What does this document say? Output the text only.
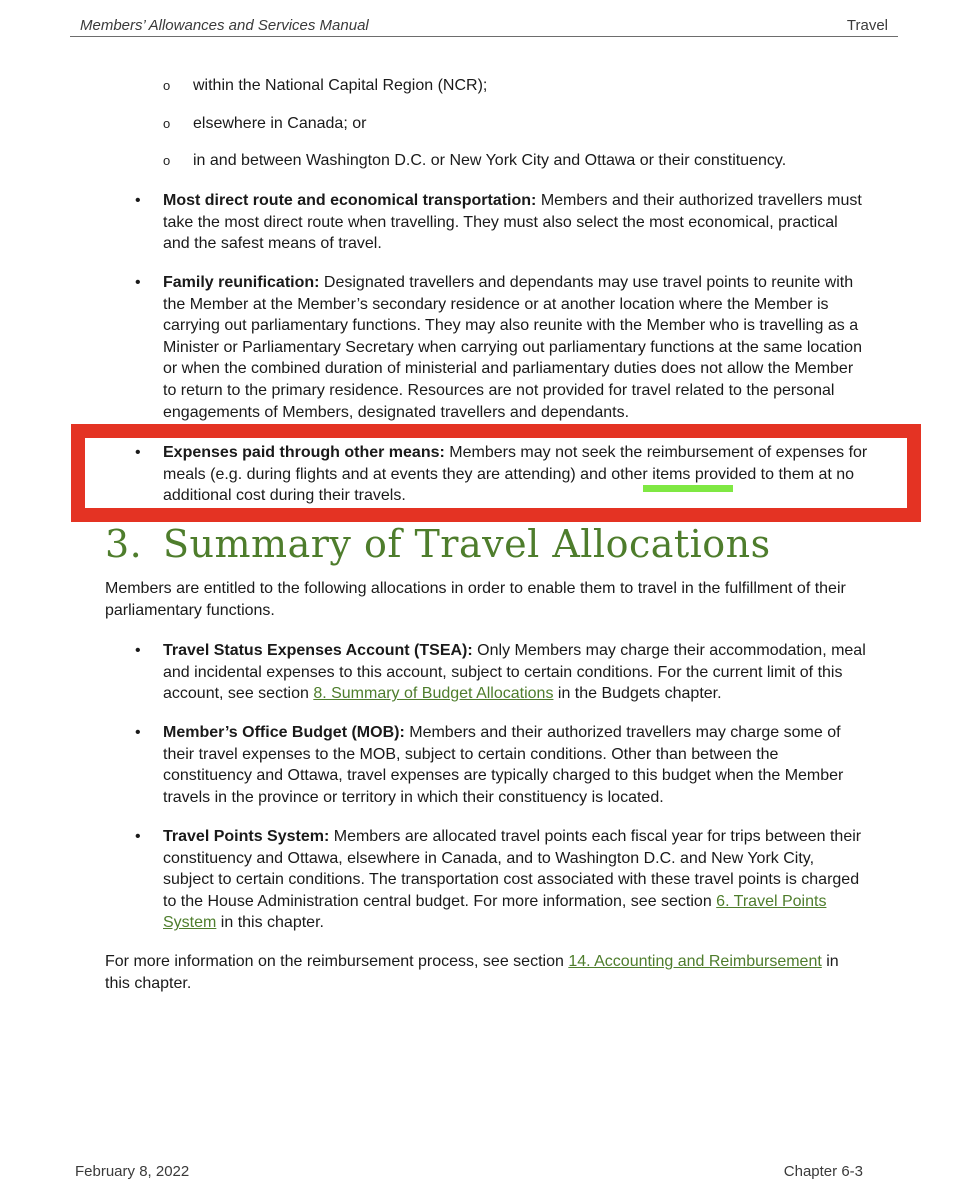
Members’ Allowances and Services Manual	Travel
o within the National Capital Region (NCR);
o elsewhere in Canada; or
o in and between Washington D.C. or New York City and Ottawa or their constituency.
• Most direct route and economical transportation: Members and their authorized travellers must take the most direct route when travelling. They must also select the most economical, practical and the safest means of travel.
• Family reunification: Designated travellers and dependants may use travel points to reunite with the Member at the Member’s secondary residence or at another location where the Member is carrying out parliamentary functions. They may also reunite with the Member who is travelling as a Minister or Parliamentary Secretary when carrying out parliamentary functions at the same location or when the combined duration of ministerial and parliamentary duties does not allow the Member to return to the primary residence. Resources are not provided for travel related to the personal engagements of Members, designated travellers and dependants.
• Expenses paid through other means: Members may not seek the reimbursement of expenses for meals (e.g. during flights and at events they are attending) and other items provided to them at no additional cost during their travels.
3. Summary of Travel Allocations
Members are entitled to the following allocations in order to enable them to travel in the fulfillment of their parliamentary functions.
• Travel Status Expenses Account (TSEA): Only Members may charge their accommodation, meal and incidental expenses to this account, subject to certain conditions. For the current limit of this account, see section 8. Summary of Budget Allocations in the Budgets chapter.
• Member’s Office Budget (MOB): Members and their authorized travellers may charge some of their travel expenses to the MOB, subject to certain conditions. Other than between the constituency and Ottawa, travel expenses are typically charged to this budget when the Member travels in the province or territory in which their constituency is located.
• Travel Points System: Members are allocated travel points each fiscal year for trips between their constituency and Ottawa, elsewhere in Canada, and to Washington D.C. and New York City, subject to certain conditions. The transportation cost associated with these travel points is charged to the House Administration central budget. For more information, see section 6. Travel Points System in this chapter.
For more information on the reimbursement process, see section 14. Accounting and Reimbursement in this chapter.
February 8, 2022	Chapter 6-3
